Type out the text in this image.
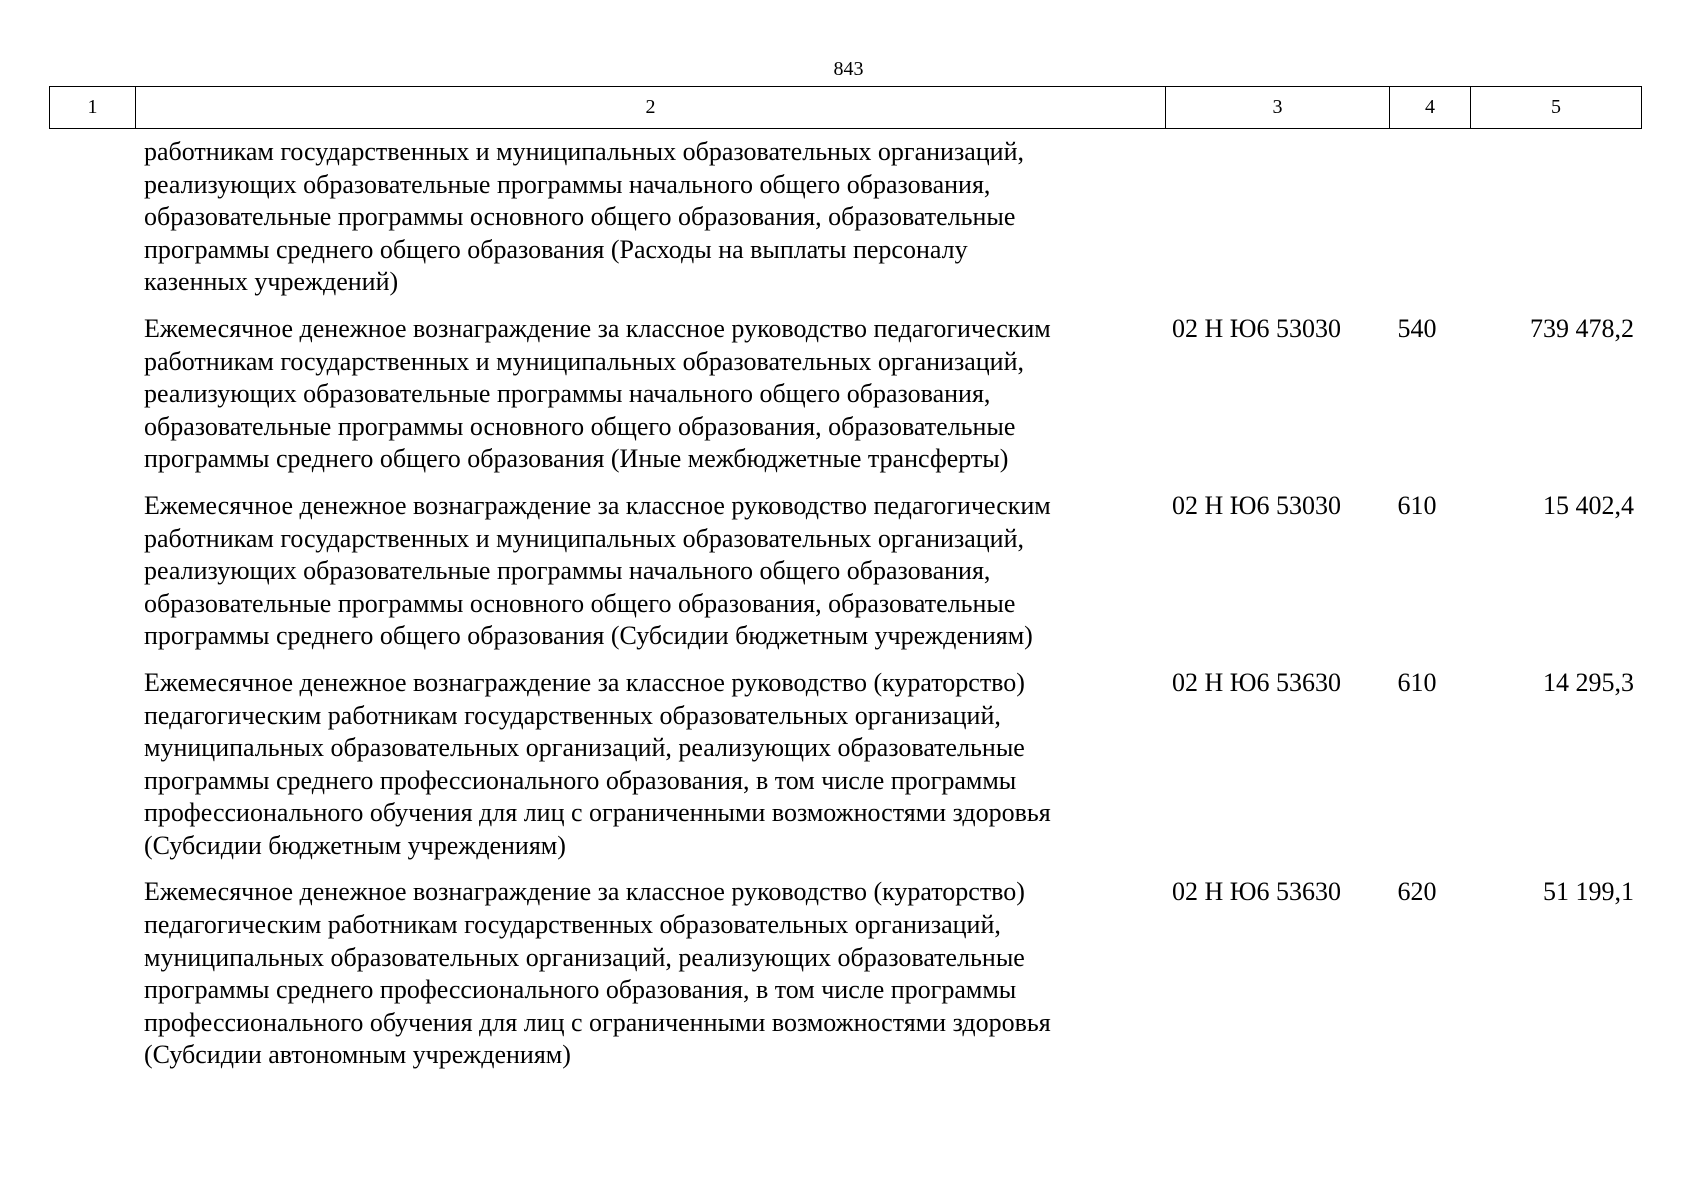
843
1	2	3	4	5
работникам государственных и муниципальных образовательных организаций,
реализующих образовательные программы начального общего образования,
образовательные программы основного общего образования, образовательные
программы среднего общего образования (Расходы на выплаты персоналу
казенных учреждений)
Ежемесячное денежное вознаграждение за классное руководство педагогическим
работникам государственных и муниципальных образовательных организаций,
реализующих образовательные программы начального общего образования,
образовательные программы основного общего образования, образовательные
программы среднего общего образования (Иные межбюджетные трансферты)
02 Н Ю6 53030	540	739 478,2
Ежемесячное денежное вознаграждение за классное руководство педагогическим
работникам государственных и муниципальных образовательных организаций,
реализующих образовательные программы начального общего образования,
образовательные программы основного общего образования, образовательные
программы среднего общего образования (Субсидии бюджетным учреждениям)
02 Н Ю6 53030	610	15 402,4
Ежемесячное денежное вознаграждение за классное руководство (кураторство)
педагогическим работникам государственных образовательных организаций,
муниципальных образовательных организаций, реализующих образовательные
программы среднего профессионального образования, в том числе программы
профессионального обучения для лиц с ограниченными возможностями здоровья
(Субсидии бюджетным учреждениям)
02 Н Ю6 53630	610	14 295,3
Ежемесячное денежное вознаграждение за классное руководство (кураторство)
педагогическим работникам государственных образовательных организаций,
муниципальных образовательных организаций, реализующих образовательные
программы среднего профессионального образования, в том числе программы
профессионального обучения для лиц с ограниченными возможностями здоровья
(Субсидии автономным учреждениям)
02 Н Ю6 53630	620	51 199,1
